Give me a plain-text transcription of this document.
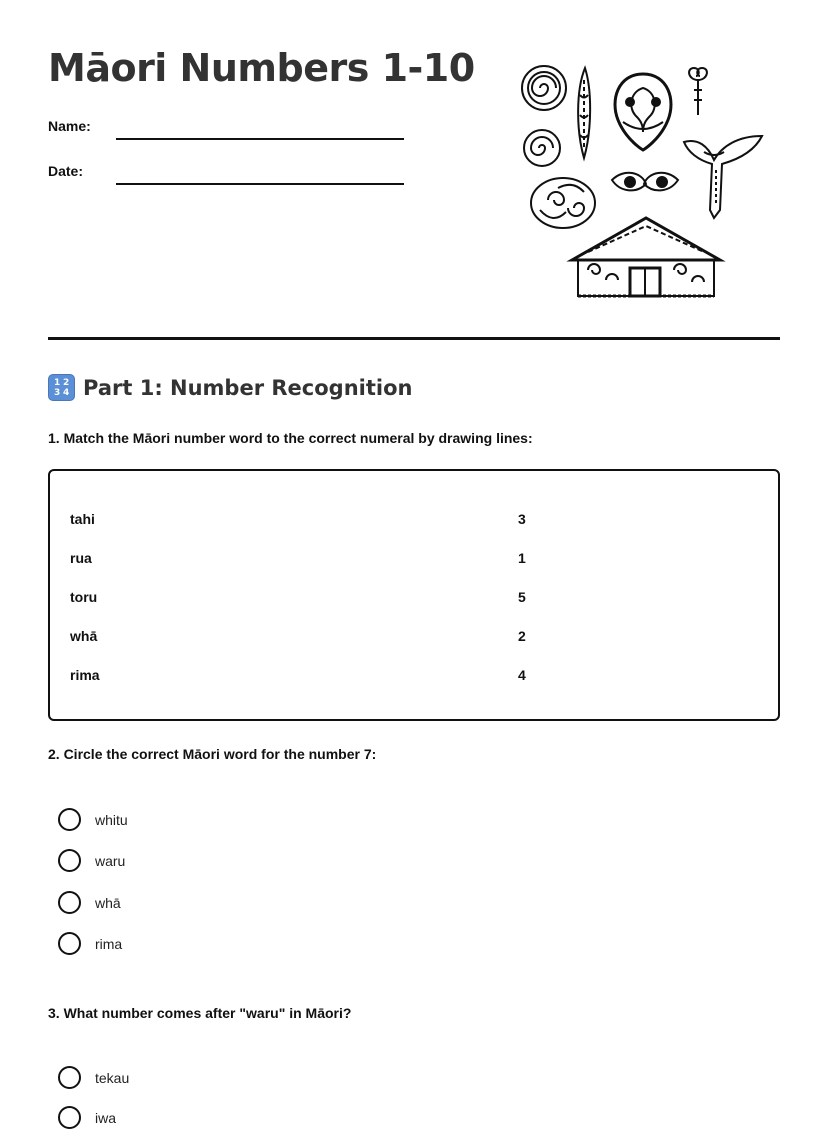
Māori Numbers 1-10
Name:
Date:
1 2
3 4 Part 1: Number Recognition
1. Match the Māori number word to the correct numeral by drawing lines:
tahi
rua
toru
whā
rima
3
1
5
2
4
2. Circle the correct Māori word for the number 7:
whitu
waru
whā
rima
3. What number comes after "waru" in Māori?
tekau
iwa
